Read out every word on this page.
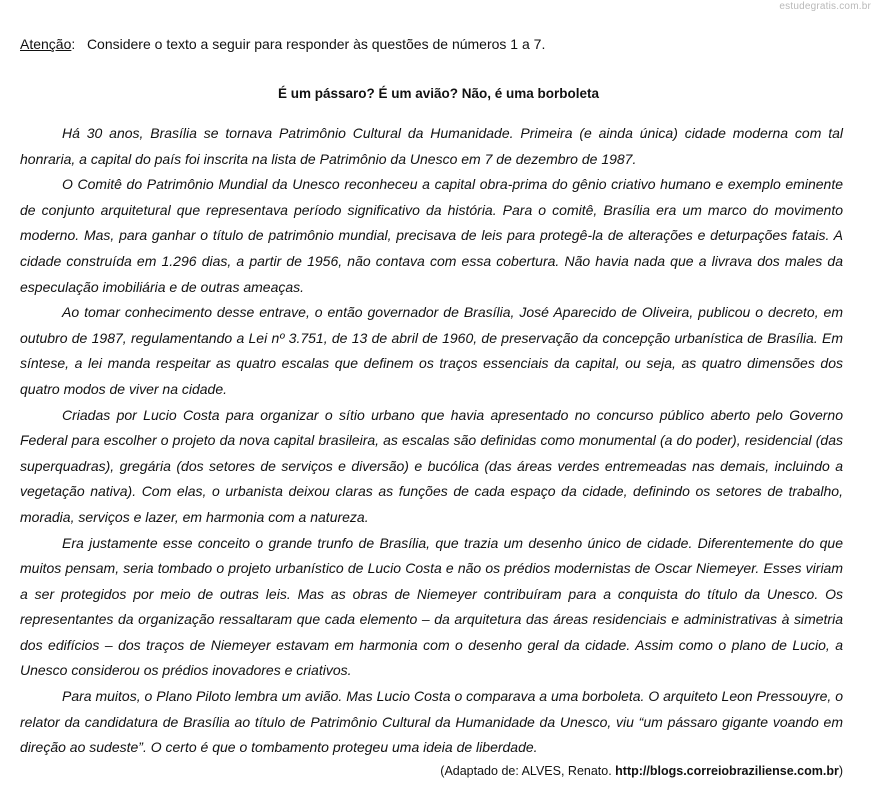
estudegratis.com.br
Atenção: Considere o texto a seguir para responder às questões de números 1 a 7.
É um pássaro? É um avião? Não, é uma borboleta

Há 30 anos, Brasília se tornava Patrimônio Cultural da Humanidade. Primeira (e ainda única) cidade moderna com tal honraria, a capital do país foi inscrita na lista de Patrimônio da Unesco em 7 de dezembro de 1987.

O Comitê do Patrimônio Mundial da Unesco reconheceu a capital obra-prima do gênio criativo humano e exemplo eminente de conjunto arquitetural que representava período significativo da história. Para o comitê, Brasília era um marco do movimento moderno. Mas, para ganhar o título de patrimônio mundial, precisava de leis para protegê-la de alterações e deturpações fatais. A cidade construída em 1.296 dias, a partir de 1956, não contava com essa cobertura. Não havia nada que a livrava dos males da especulação imobiliária e de outras ameaças.

Ao tomar conhecimento desse entrave, o então governador de Brasília, José Aparecido de Oliveira, publicou o decreto, em outubro de 1987, regulamentando a Lei nº 3.751, de 13 de abril de 1960, de preservação da concepção urbanística de Brasília. Em síntese, a lei manda respeitar as quatro escalas que definem os traços essenciais da capital, ou seja, as quatro dimensões dos quatro modos de viver na cidade.

Criadas por Lucio Costa para organizar o sítio urbano que havia apresentado no concurso público aberto pelo Governo Federal para escolher o projeto da nova capital brasileira, as escalas são definidas como monumental (a do poder), residencial (das superquadras), gregária (dos setores de serviços e diversão) e bucólica (das áreas verdes entremeadas nas demais, incluindo a vegetação nativa). Com elas, o urbanista deixou claras as funções de cada espaço da cidade, definindo os setores de trabalho, moradia, serviços e lazer, em harmonia com a natureza.

Era justamente esse conceito o grande trunfo de Brasília, que trazia um desenho único de cidade. Diferentemente do que muitos pensam, seria tombado o projeto urbanístico de Lucio Costa e não os prédios modernistas de Oscar Niemeyer. Esses viriam a ser protegidos por meio de outras leis. Mas as obras de Niemeyer contribuíram para a conquista do título da Unesco. Os representantes da organização ressaltaram que cada elemento – da arquitetura das áreas residenciais e administrativas à simetria dos edifícios – dos traços de Niemeyer estavam em harmonia com o desenho geral da cidade. Assim como o plano de Lucio, a Unesco considerou os prédios inovadores e criativos.

Para muitos, o Plano Piloto lembra um avião. Mas Lucio Costa o comparava a uma borboleta. O arquiteto Leon Pressouyre, o relator da candidatura de Brasília ao título de Patrimônio Cultural da Humanidade da Unesco, viu “um pássaro gigante voando em direção ao sudeste”. O certo é que o tombamento protegeu uma ideia de liberdade.

(Adaptado de: ALVES, Renato. http://blogs.correiobraziliense.com.br)
